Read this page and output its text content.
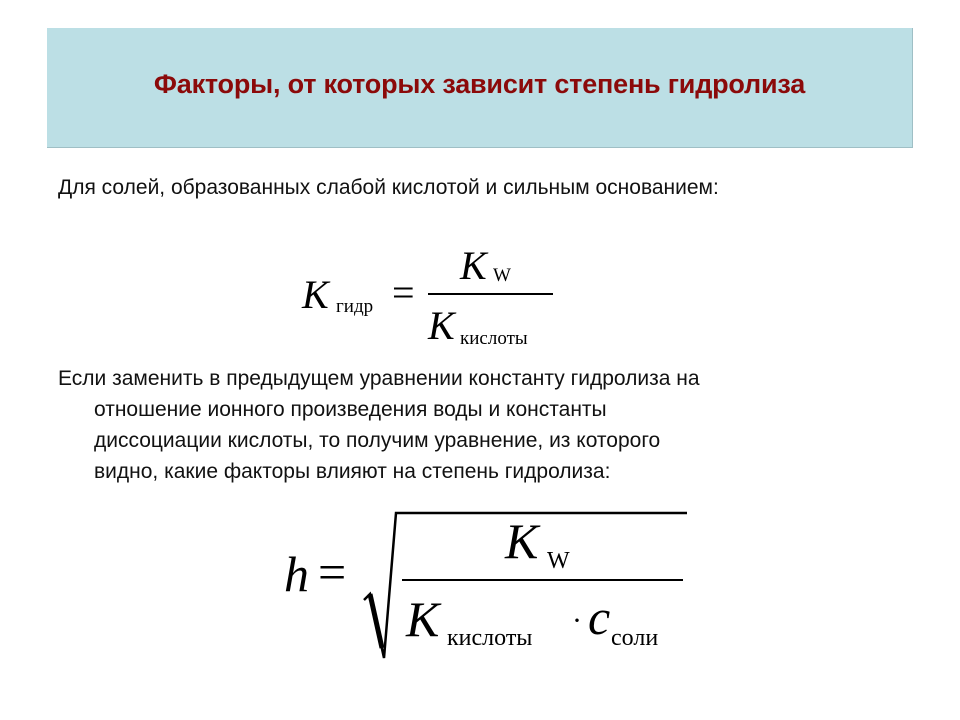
Факторы, от которых зависит степень гидролиза
Для солей, образованных слабой кислотой и сильным основанием:
K гидр =
K W
K кислоты
Если заменить в предыдущем уравнении константу гидролиза на
отношение ионного произведения воды и константы
диссоциации кислоты, то получим уравнение, из которого
видно, какие факторы влияют на степень гидролиза:
h =
K W
K кислоты
· c соли
